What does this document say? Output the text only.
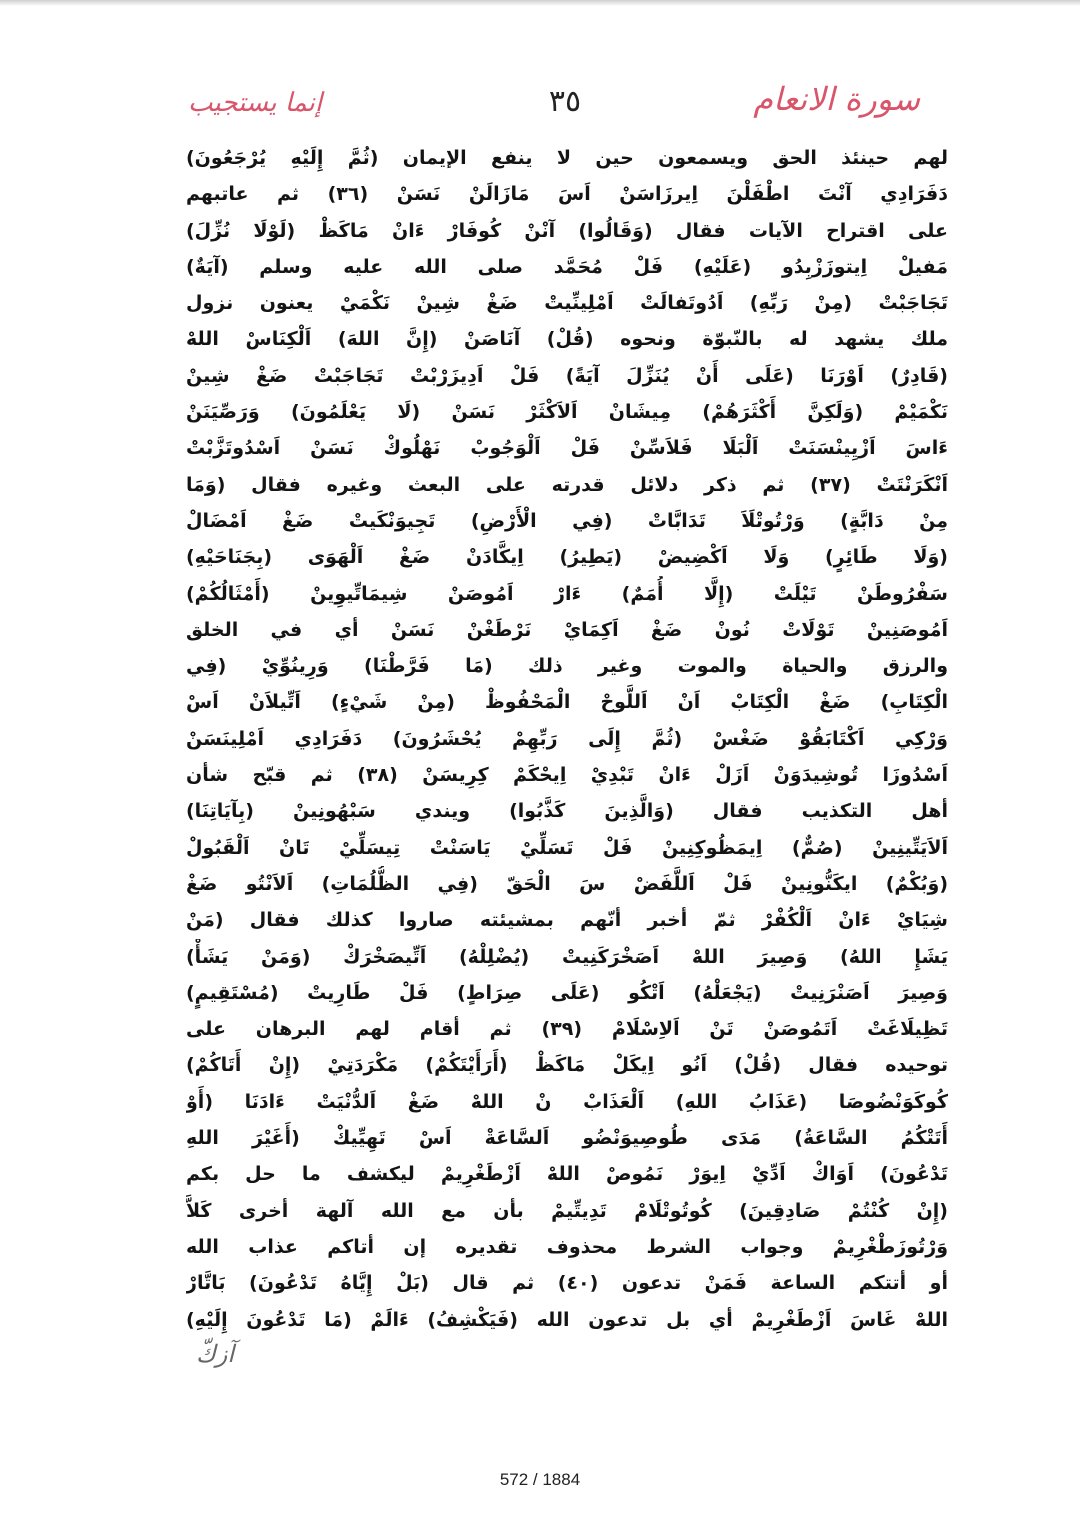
إنما يستجيب	٣٥	سورة الانعام
لهم حينئذ الحق ويسمعون حين لا ينفع الإيمان (ثُمَّ إِلَيْهِ يُرْجَعُونَ)
دَفَرَادِي آنْتَ اطْفَلْنَ اِيرزَاسَنْ اَسَ مَازَالَنْ نَسَنْ (٣٦) ثم عاتبهم
على اقتراح الآيات فقال (وَقَالُوا) آنْنْ كُوفَارْ ءَانْ مَاكَظْ (لَوْلَا نُزِّلَ)
مَفيلْ اِيتوزَزْبِدُو (عَلَيْهِ) فَلْ مُحَمَّد صلى الله عليه وسلم (آيَةٌ)
تَجَاجَبْتْ (مِنْ رَبِّهِ) اَدُوتَفالَتْ اَمْلِينِّيتْ ضَغْ شِينْ نَكْمَيْ يعنون نزول
ملك يشهد له بالنّبوّة ونحوه (قُلْ) آنَاصَنْ (إِنَّ اللهَ) اَلْكِنَاسْ اللهْ
(قَادِرٌ) اَوْرَنَا (عَلَى أَنْ يُنَزِّلَ آيَةً) فَلْ اَدِيزَرْبْتْ تَجَاجَبْتْ ضَغْ شِينْ
نَكْمَيْمْ (وَلَكِنَّ أَكْثَرَهُمْ) مِيشَانْ اَلاَكْثَرْ نَسَنْ (لَا يَعْلَمُونَ) وَرَصِّيَنَنْ
ءَاسَ اَزْيِينْسَنَتْ اَلْبَلَا فَلاَسِّنْ فَلْ اَلْوَجُوبْ نَهْلُوكْ نَسَنْ اَسْدُوتَزَّبْتْ
اَنْكَرَنْتَتْ (٣٧) ثم ذكر دلائل قدرته على البعث وغيره فقال (وَمَا
مِنْ دَابَّةٍ) وَرْتُوتْلَاَ تَدَابَّاتْ (فِي الْأَرْضِ) تَجِيوَنْكَيتْ ضَغْ اَمْضَالْ
(وَلَا طَائِرٍ) وَلَا اَكْضِيضْ (يَطِيرُ) اِيكَّادَنْ ضَغْ اَلْهَوَى (بِجَنَاحَيْهِ)
سَفْرُوطَنْ تَيْلَتْ (إِلَّا أُمَمٌ) ءَارْ اَمُوصَنْ شِيمَاتِّيوِينْ (أَمْثَالُكُمْ)
اَمُوصَنِينْ تَوْلَاتْ نُونْ ضَغْ اَكِمَايْ نَرْطَغْنْ نَسَنْ أي في الخلق
والرزق والحياة والموت وغير ذلك (مَا فَرَّطْنَا) وَرِينُوِّيْ (فِي
الْكِتَابِ) ضَغْ الْكِتَابْ اَنْ اَللَّوحْ الْمَحْفُوظْ (مِنْ شَيْءٍ) اَتِّيلاَنْ اَسْ
وَرْكِي اَكْتَابَقُوْ ضَغْسْ (ثُمَّ إِلَى رَبِّهِمْ يُحْشَرُونَ) دَفَرَادِي اَمْلِينَسَنْ
اَسْدُوزَا تُوشِيدَوَنْ اَزَلْ ءَانْ تَبْدِيْ اِيحْكَمْ كِرِيسَنْ (٣٨) ثم قبّح شأن
أهل التكذيب فقال (وَالَّذِينَ كَذَّبُوا) ويندي سَبْهُونِينْ (بِآيَاتِنَا)
اَلاَيَتِّينِينْ (صُمٌّ) اِيمَظُوكِنِينْ فَلْ تَسَلِّيْ يَاسَنْتْ تِيسَلِّيْ تَانْ اَلْقَبُولْ
(وَبُكْمٌ) ايكَنُّونِينْ فَلْ اَللَّفَضْ سَ الْحَقّ (فِي الظُّلُمَاتِ) اَلاَنْتُو ضَغْ
شِيَايْ ءَانْ اَلْكُفْرْ ثمّ أخبر أنّهم بمشيئته صاروا كذلك فقال (مَنْ
يَشَإِ اللهُ) وَصِيرَ اللهْ اَصَخْرَكَنِيتْ (يُضْلِلْهُ) اَتِّيصَخْرَكْ (وَمَنْ يَشَأْ)
وَصِيرَ اَصَنْرَنِيتْ (يَجْعَلْهُ) اَتْكُو (عَلَى صِرَاطٍ) فَلْ طَارِيتْ (مُسْتَقِيمٍ)
تَظِيلَاغَتْ اَتَمُوصَنْ تَنْ اَلاِسْلَامْ (٣٩) ثم أقام لهم البرهان على
توحيده فقال (قُلْ) اَنُو اِيكَلْ مَاكَظْ (أَرَأَيْتَكُمْ) مَكْرَدَتِيْ (إِنْ أَتَاكُمْ)
كُوكَوَنْضُوصَا (عَذَابُ اللهِ) اَلْعَذَابْ نْ اللهْ ضَغْ اَلدُّنْيَتْ ءَادَنَا (أَوْ
أَتَتْكُمُ السَّاعَةُ) مَدَى طُوصِيوَنْضُو اَلسَّاعَةْ اَسْ تَهِيِّيكْ (أَغَيْرَ اللهِ
تَدْعُونَ) اَوَاكْ اَدِّيْ اِيوَرْ نَمُوصْ اللهْ اَزْطَغْرِيمْ ليكشف ما حل بكم
(إِنْ كُنْتُمْ صَادِقِينَ) كُوتُوتْلَامْ تَدِيتِّيمْ بأن مع الله آلهة أخرى كَلاَّ
وَرْتُوزَطْغْرِيمْ وجواب الشرط محذوف تقديره إن أتاكم عذاب الله
أو أتتكم الساعة فَمَنْ تدعون (٤٠) ثم قال (بَلْ إِيَّاهُ تَدْعُونَ) بَاتَّارْ
اللهْ غَاسَ اَزْطَغْرِيمْ أي بل تدعون الله (فَيَكْشِفُ) ءَالَمْ (مَا تَدْعُونَ إِلَيْهِ)
آزكّ
572 / 1884
